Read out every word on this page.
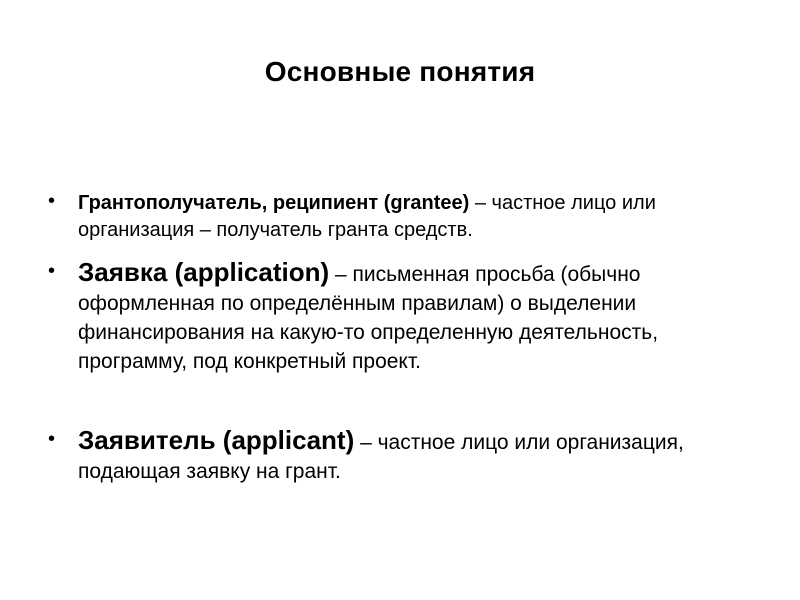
Основные понятия
• Грантополучатель, реципиент (grantee) – частное лицо или организация – получатель гранта средств.
• Заявка (application) – письменная просьба (обычно оформленная по определённым правилам) о выделении финансирования на какую-то определенную деятельность, программу, под конкретный проект.
• Заявитель (applicant) – частное лицо или организация, подающая заявку на грант.
